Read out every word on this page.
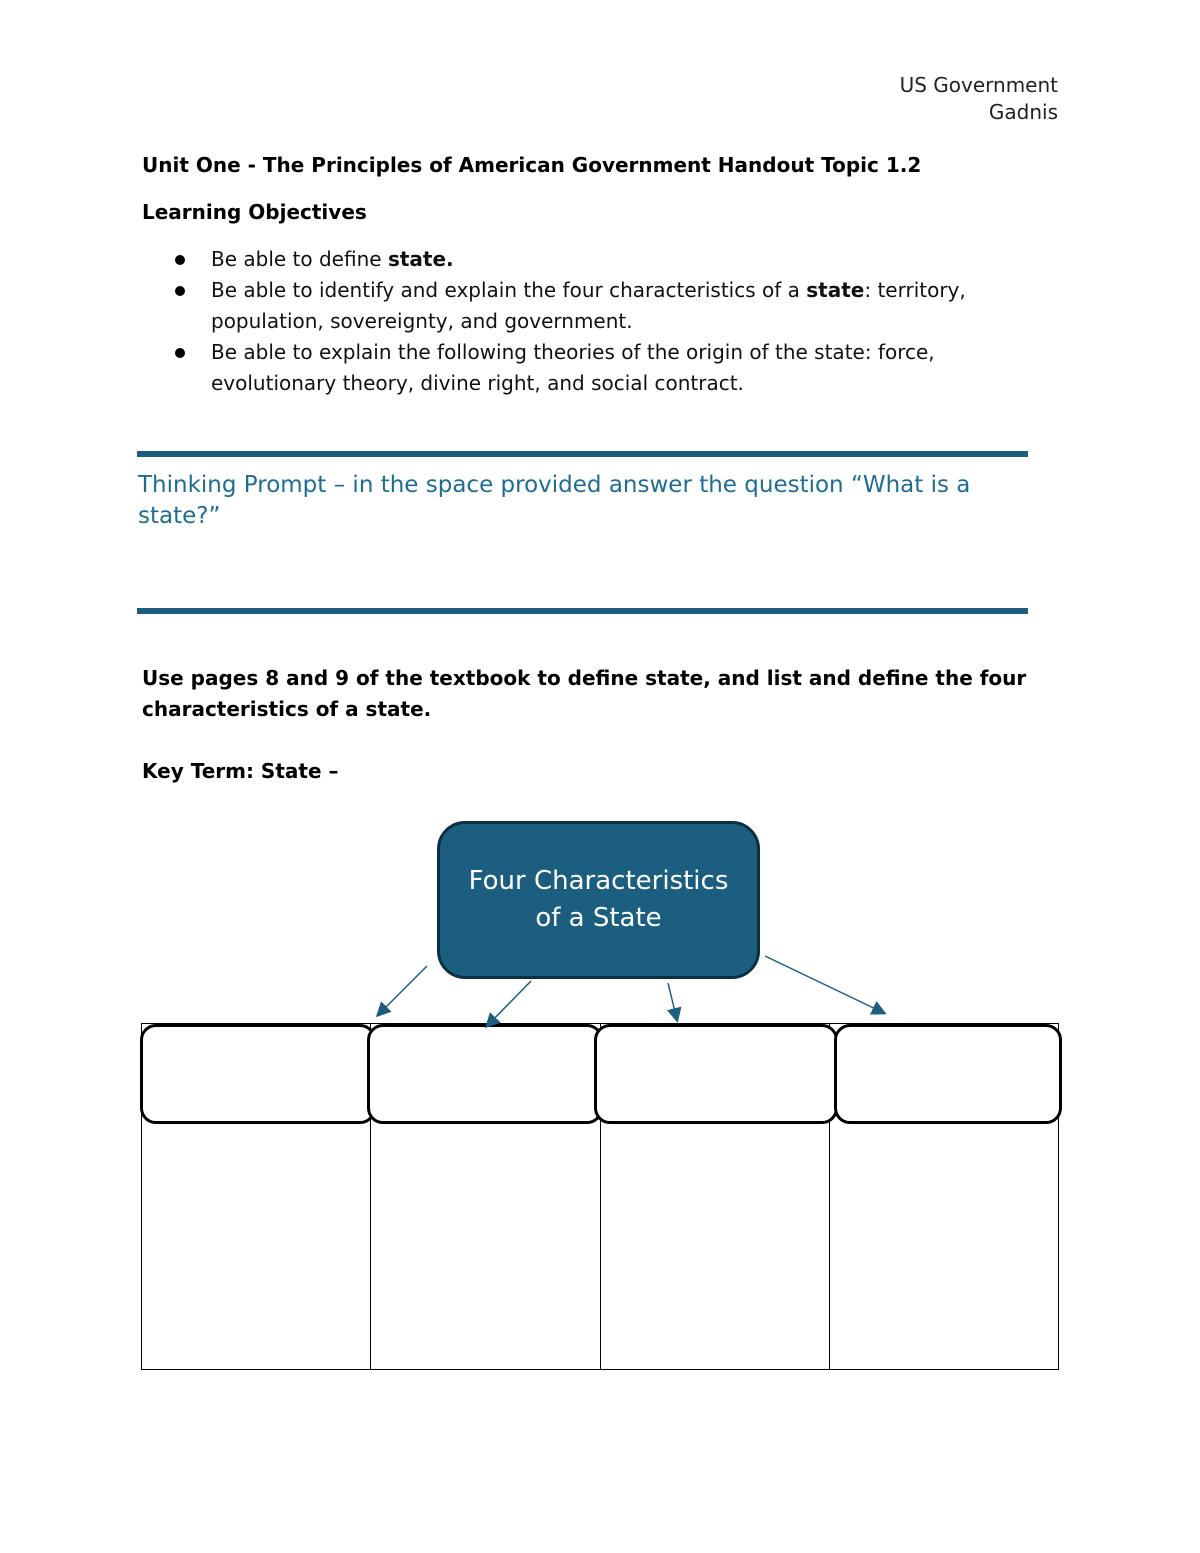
US Government
Gadnis
Unit One - The Principles of American Government Handout Topic 1.2
Learning Objectives
Be able to define state.
Be able to identify and explain the four characteristics of a state: territory, population, sovereignty, and government.
Be able to explain the following theories of the origin of the state: force, evolutionary theory, divine right, and social contract.
Thinking Prompt – in the space provided answer the question “What is a state?”
Use pages 8 and 9 of the textbook to define state, and list and define the four characteristics of a state.
Key Term: State –
Four Characteristics of a State
